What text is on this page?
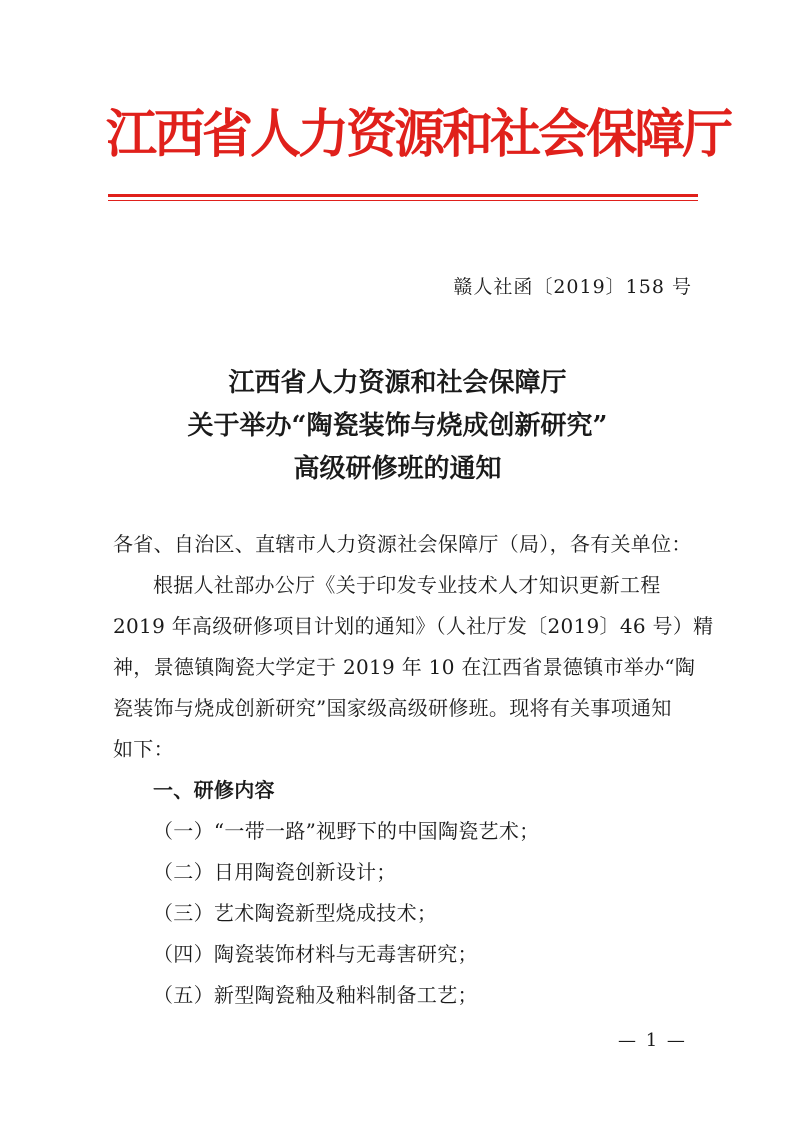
江西省人力资源和社会保障厅
赣人社函〔2019〕158 号
江西省人力资源和社会保障厅
关于举办“陶瓷装饰与烧成创新研究”
高级研修班的通知
各省、自治区、直辖市人力资源社会保障厅（局），各有关单位：
根据人社部办公厅《关于印发专业技术人才知识更新工程
2019 年高级研修项目计划的通知》（人社厅发〔2019〕46 号）精
神，景德镇陶瓷大学定于 2019 年 10 在江西省景德镇市举办“陶
瓷装饰与烧成创新研究”国家级高级研修班。现将有关事项通知
如下：
一、研修内容
（一）“一带一路”视野下的中国陶瓷艺术；
（二）日用陶瓷创新设计；
（三）艺术陶瓷新型烧成技术；
（四）陶瓷装饰材料与无毒害研究；
（五）新型陶瓷釉及釉料制备工艺；
— 1 —
